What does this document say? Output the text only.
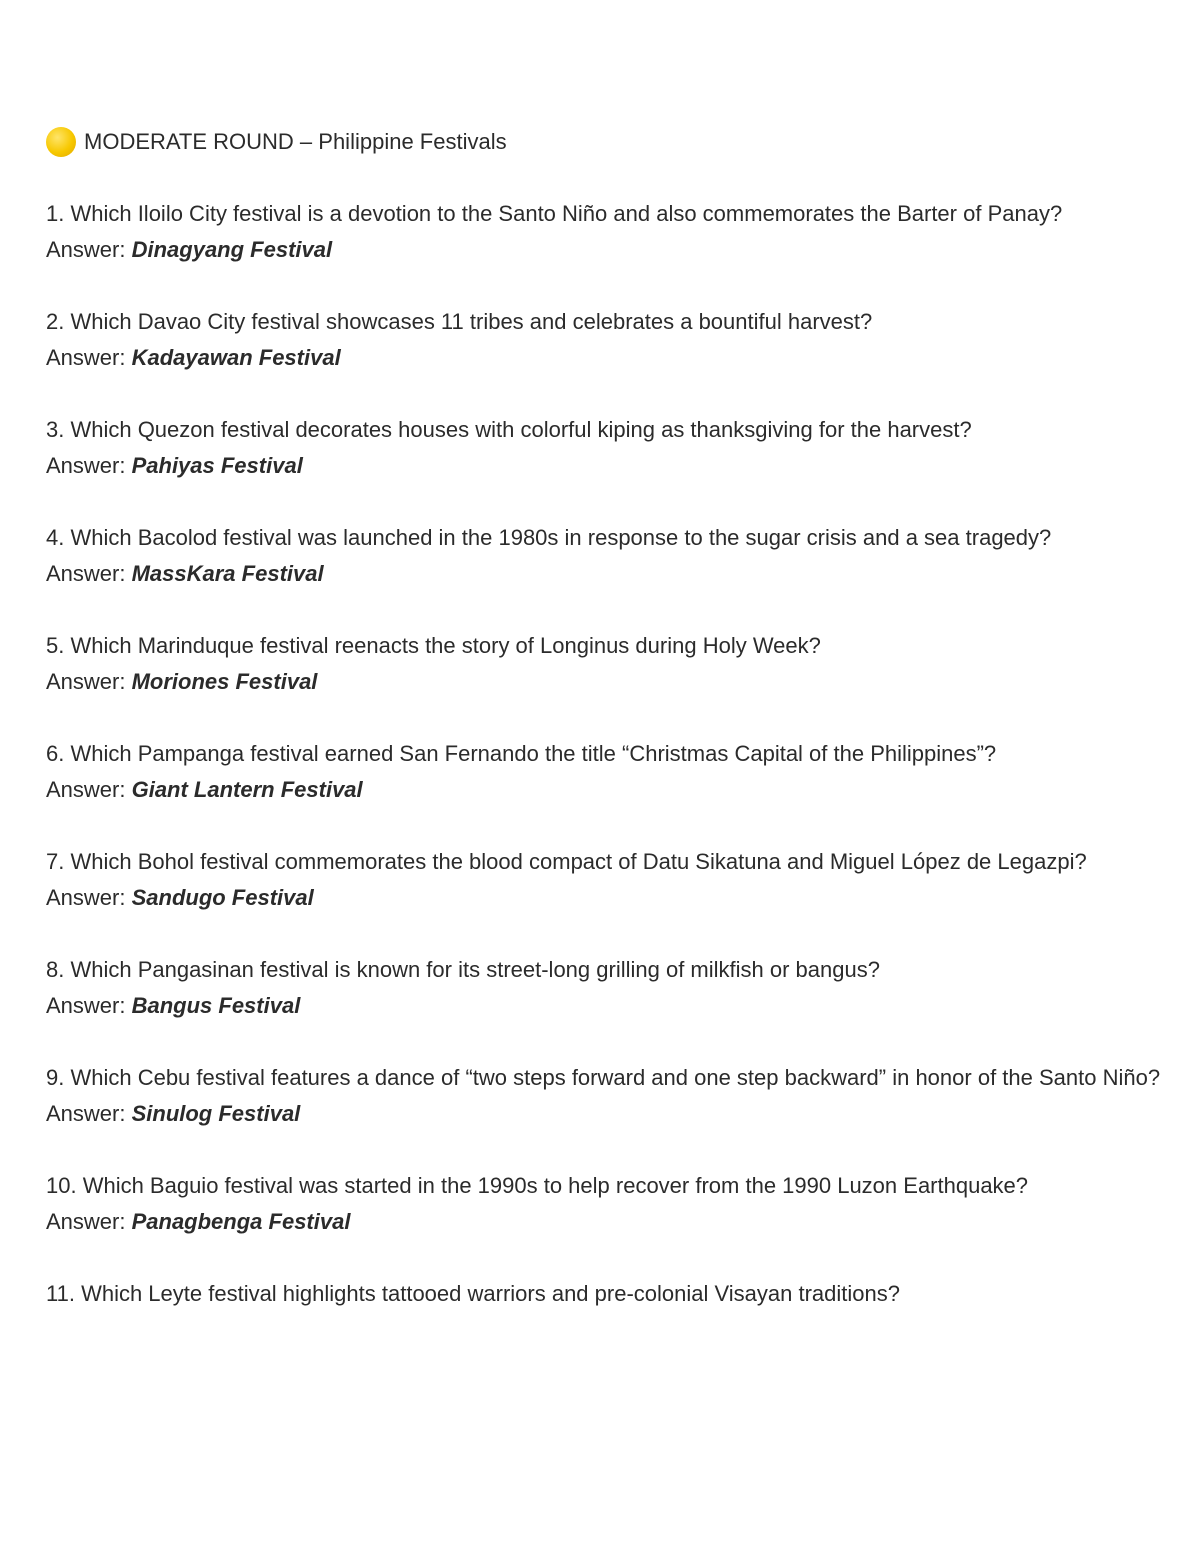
MODERATE ROUND – Philippine Festivals

1. Which Iloilo City festival is a devotion to the Santo Niño and also commemorates the Barter of Panay?

Answer: Dinagyang Festival

2. Which Davao City festival showcases 11 tribes and celebrates a bountiful harvest?

Answer: Kadayawan Festival

3. Which Quezon festival decorates houses with colorful kiping as thanksgiving for the harvest?

Answer: Pahiyas Festival

4. Which Bacolod festival was launched in the 1980s in response to the sugar crisis and a sea tragedy?

Answer: MassKara Festival

5. Which Marinduque festival reenacts the story of Longinus during Holy Week?

Answer: Moriones Festival

6. Which Pampanga festival earned San Fernando the title “Christmas Capital of the Philippines”?

Answer: Giant Lantern Festival

7. Which Bohol festival commemorates the blood compact of Datu Sikatuna and Miguel López de Legazpi?

Answer: Sandugo Festival

8. Which Pangasinan festival is known for its street-long grilling of milkfish or bangus?

Answer: Bangus Festival

9. Which Cebu festival features a dance of “two steps forward and one step backward” in honor of the Santo Niño?

Answer: Sinulog Festival

10. Which Baguio festival was started in the 1990s to help recover from the 1990 Luzon Earthquake?

Answer: Panagbenga Festival

11. Which Leyte festival highlights tattooed warriors and pre-colonial Visayan traditions?
